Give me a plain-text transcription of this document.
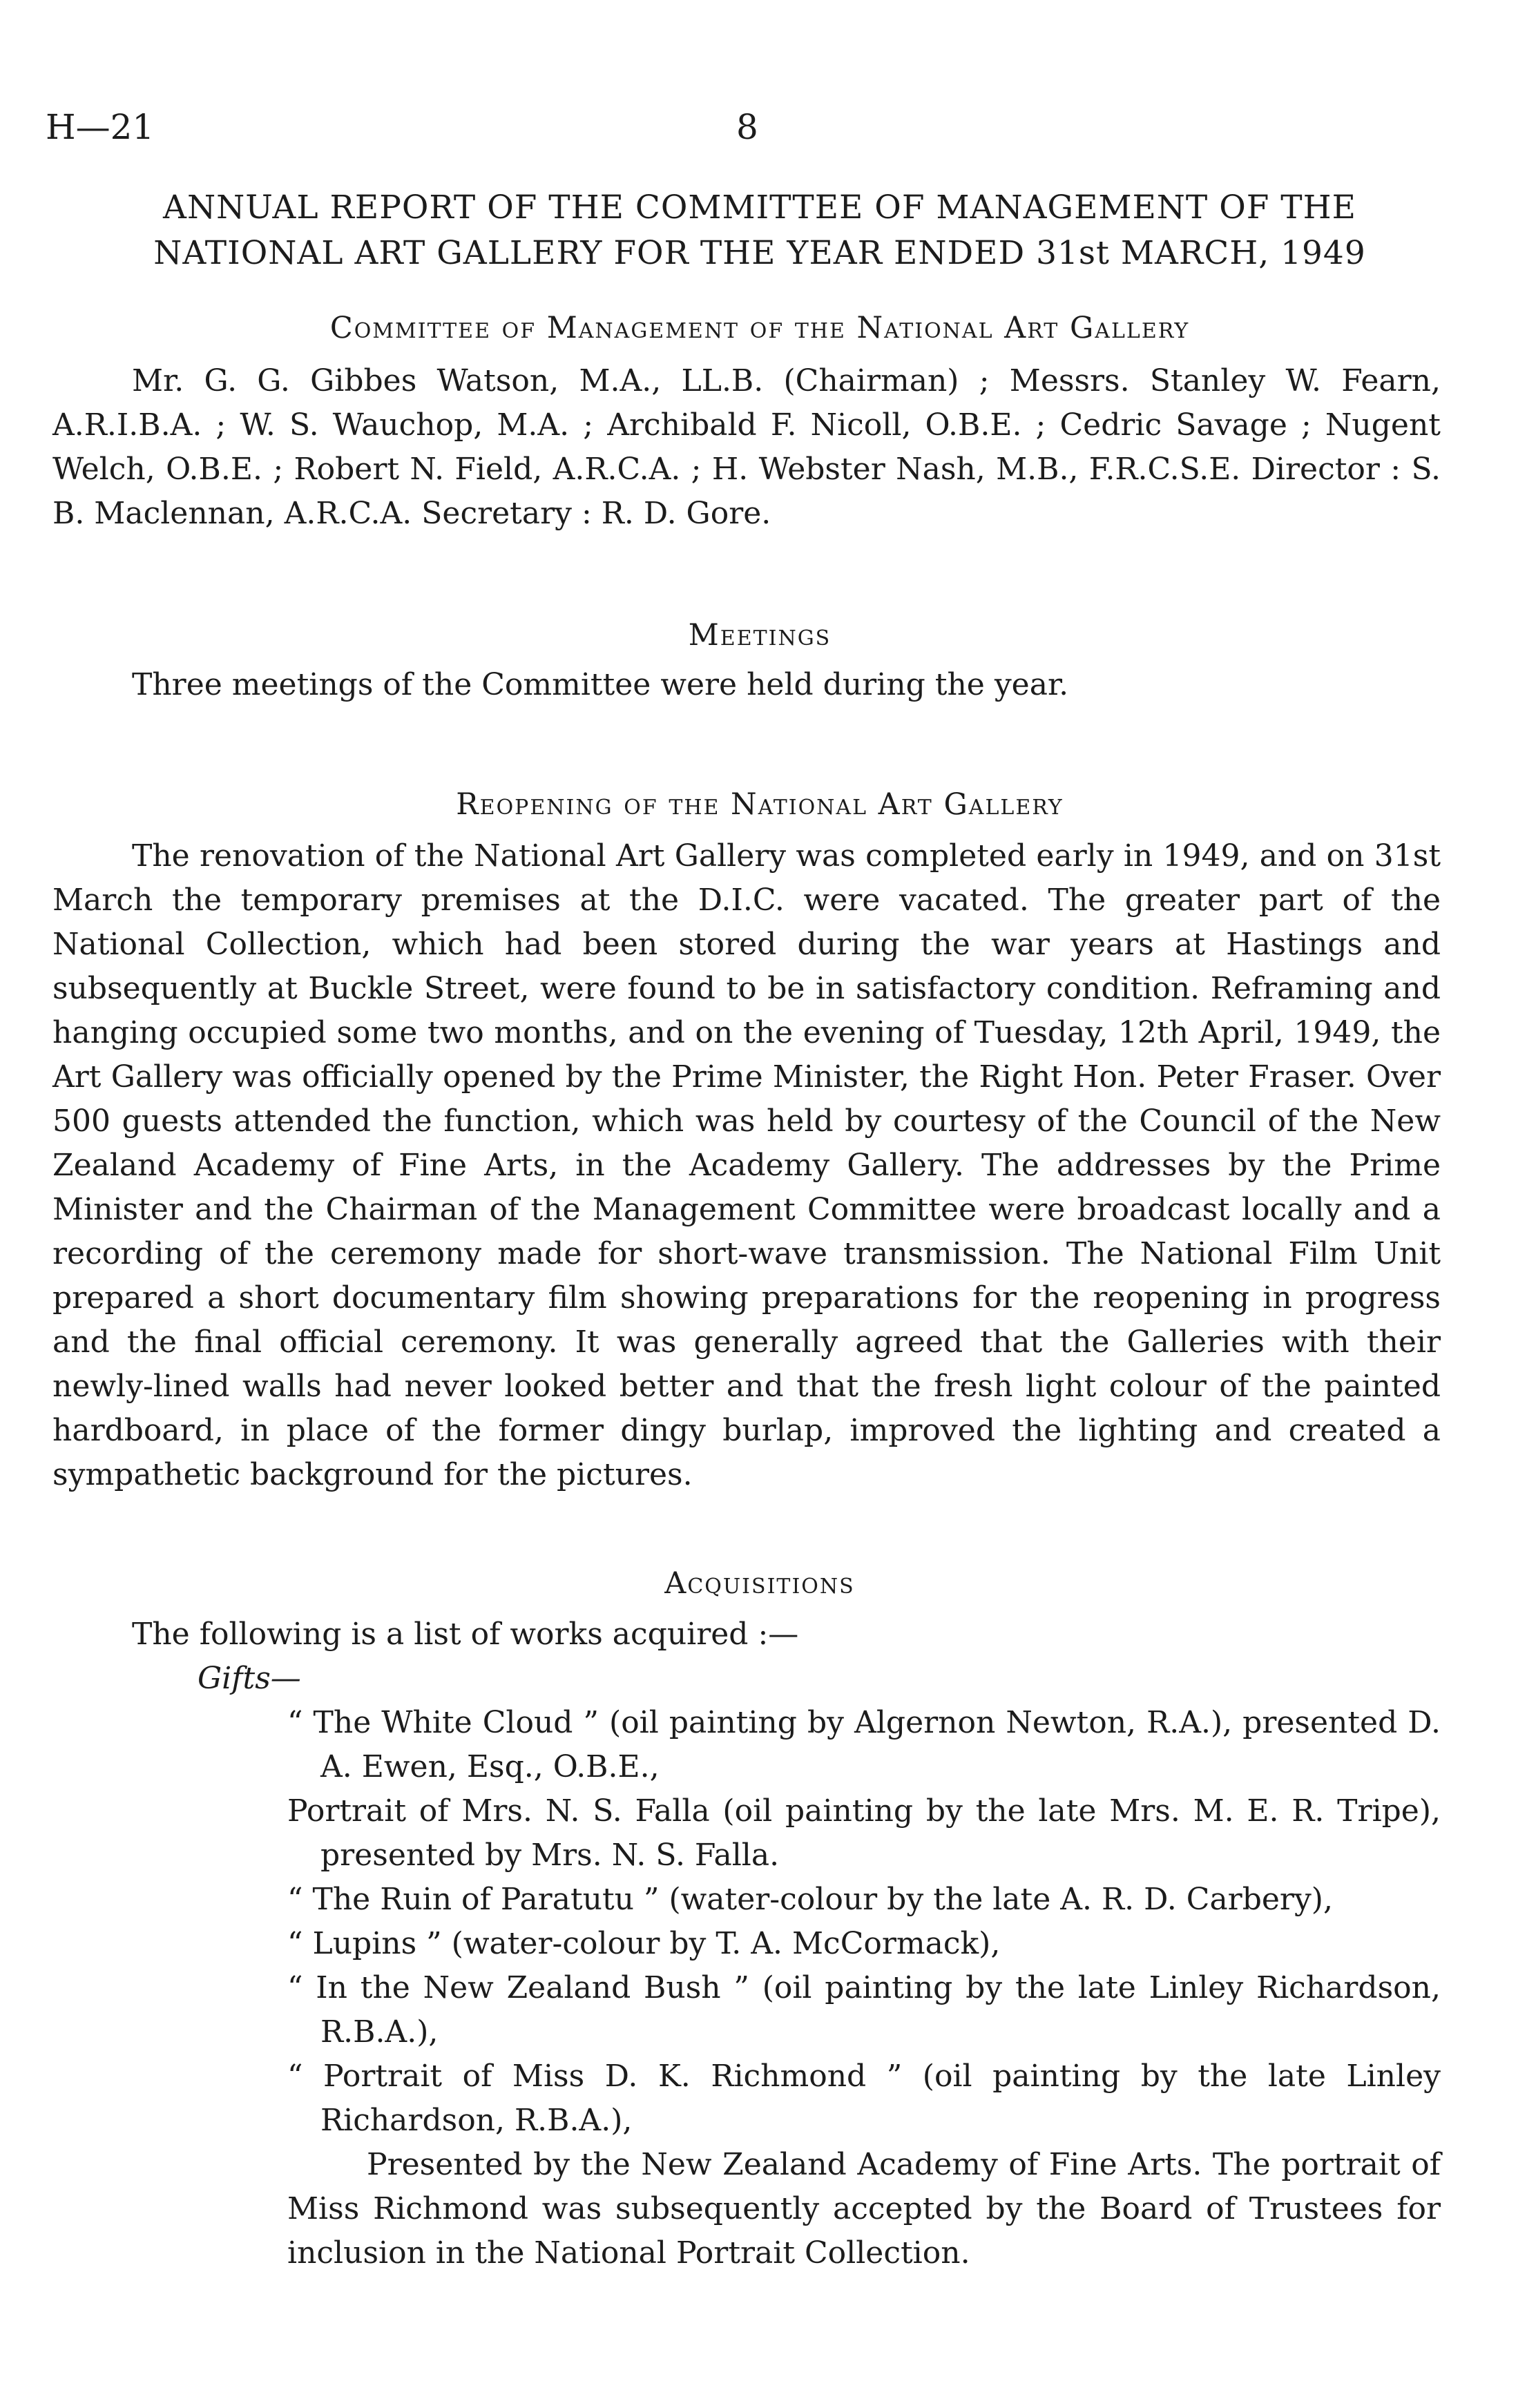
H—21	8
ANNUAL REPORT OF THE COMMITTEE OF MANAGEMENT OF THE
NATIONAL ART GALLERY FOR THE YEAR ENDED 31st MARCH, 1949
Committee of Management of the National Art Gallery
Mr. G. G. Gibbes Watson, M.A., LL.B. (Chairman) ; Messrs. Stanley W. Fearn, A.R.I.B.A. ; W. S. Wauchop, M.A. ; Archibald F. Nicoll, O.B.E. ; Cedric Savage ; Nugent Welch, O.B.E. ; Robert N. Field, A.R.C.A. ; H. Webster Nash, M.B., F.R.C.S.E. Director : S. B. Maclennan, A.R.C.A. Secretary : R. D. Gore.
Meetings
Three meetings of the Committee were held during the year.
Reopening of the National Art Gallery
The renovation of the National Art Gallery was completed early in 1949, and on 31st March the temporary premises at the D.I.C. were vacated. The greater part of the National Collection, which had been stored during the war years at Hastings and subsequently at Buckle Street, were found to be in satisfactory condition. Reframing and hanging occupied some two months, and on the evening of Tuesday, 12th April, 1949, the Art Gallery was officially opened by the Prime Minister, the Right Hon. Peter Fraser. Over 500 guests attended the function, which was held by courtesy of the Council of the New Zealand Academy of Fine Arts, in the Academy Gallery. The addresses by the Prime Minister and the Chairman of the Management Committee were broadcast locally and a recording of the ceremony made for short-wave transmission. The National Film Unit prepared a short documentary film showing preparations for the reopening in progress and the final official ceremony. It was generally agreed that the Galleries with their newly-lined walls had never looked better and that the fresh light colour of the painted hardboard, in place of the former dingy burlap, improved the lighting and created a sympathetic background for the pictures.
Acquisitions

The following is a list of works acquired :—

Gifts—

“ The White Cloud ” (oil painting by Algernon Newton, R.A.), presented D. A. Ewen, Esq., O.B.E.,

Portrait of Mrs. N. S. Falla (oil painting by the late Mrs. M. E. R. Tripe), presented by Mrs. N. S. Falla.

“ The Ruin of Paratutu ” (water-colour by the late A. R. D. Carbery),

“ Lupins ” (water-colour by T. A. McCormack),

“ In the New Zealand Bush ” (oil painting by the late Linley Richardson, R.B.A.),

“ Portrait of Miss D. K. Richmond ” (oil painting by the late Linley Richardson, R.B.A.),

Presented by the New Zealand Academy of Fine Arts. The portrait of Miss Richmond was subsequently accepted by the Board of Trustees for inclusion in the National Portrait Collection.
